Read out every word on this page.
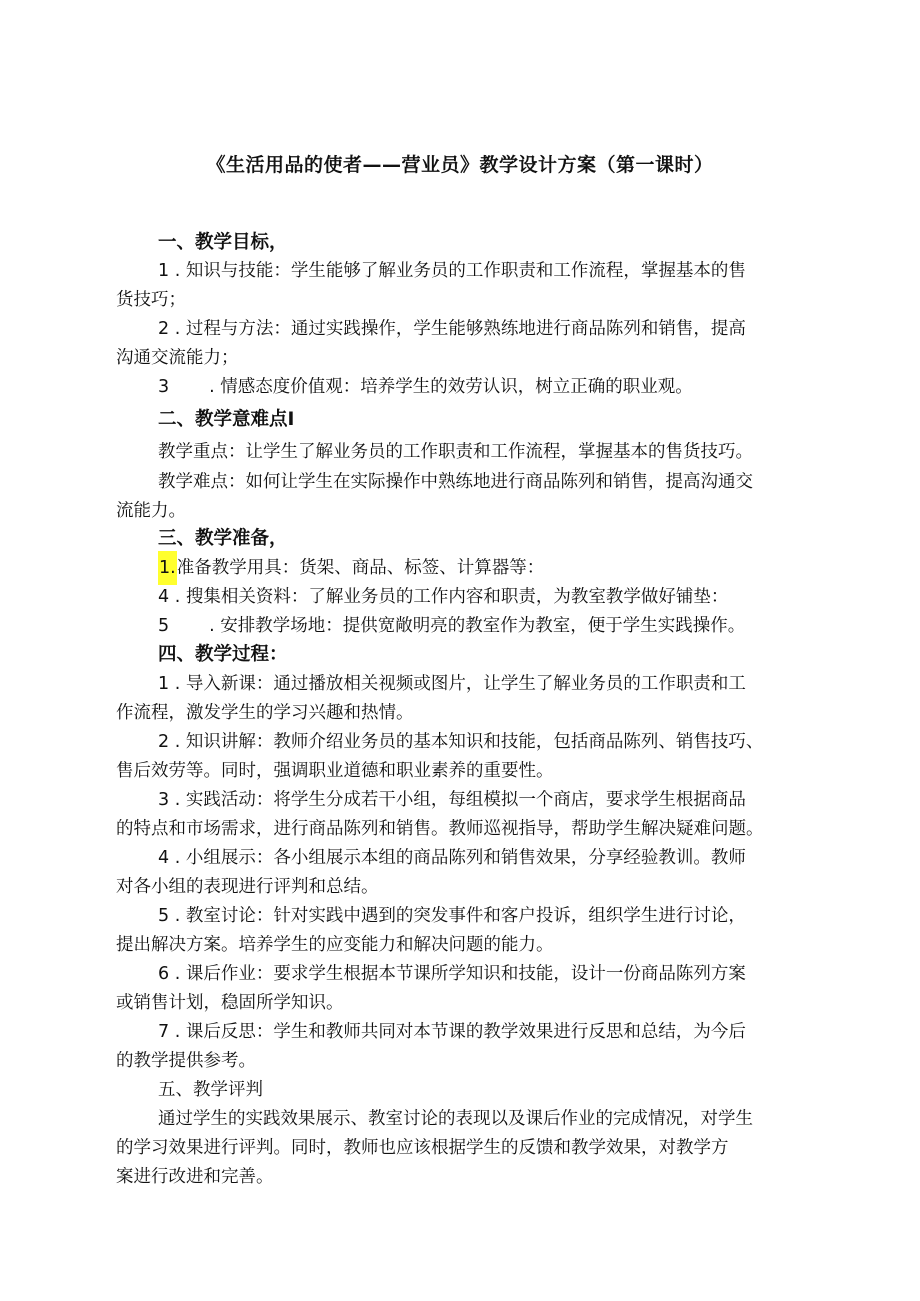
《生活用品的使者——营业员》教学设计方案（第一课时）
一、教学目标，
1 . 知识与技能：学生能够了解业务员的工作职责和工作流程，掌握基本的售
货技巧；
2 . 过程与方法：通过实践操作，学生能够熟练地进行商品陈列和销售，提高
沟通交流能力；
3 . 情感态度价值观：培养学生的效劳认识，树立正确的职业观。
二、教学意难点I
教学重点：让学生了解业务员的工作职责和工作流程，掌握基本的售货技巧。
教学难点：如何让学生在实际操作中熟练地进行商品陈列和销售，提高沟通交
流能力。
三、教学准备，
1.准备教学用具：货架、商品、标签、计算器等：
4 . 搜集相关资料：了解业务员的工作内容和职责，为教室教学做好铺垫：
5 . 安排教学场地：提供宽敞明亮的教室作为教室，便于学生实践操作。
四、教学过程：
1 . 导入新课：通过播放相关视频或图片，让学生了解业务员的工作职责和工
作流程，激发学生的学习兴趣和热情。
2 . 知识讲解：教师介绍业务员的基本知识和技能，包括商品陈列、销售技巧、
售后效劳等。同时，强调职业道德和职业素养的重要性。
3 . 实践活动：将学生分成若干小组，每组模拟一个商店，要求学生根据商品
的特点和市场需求，进行商品陈列和销售。教师巡视指导，帮助学生解决疑难问题。
4 . 小组展示：各小组展示本组的商品陈列和销售效果，分享经验教训。教师
对各小组的表现进行评判和总结。
5 . 教室讨论：针对实践中遇到的突发事件和客户投诉，组织学生进行讨论，
提出解决方案。培养学生的应变能力和解决问题的能力。
6 . 课后作业：要求学生根据本节课所学知识和技能，设计一份商品陈列方案
或销售计划，稳固所学知识。
7 . 课后反思：学生和教师共同对本节课的教学效果进行反思和总结，为今后
的教学提供参考。
五、教学评判
通过学生的实践效果展示、教室讨论的表现以及课后作业的完成情况，对学生
的学习效果进行评判。同时，教师也应该根据学生的反馈和教学效果，对教学方
案进行改进和完善。
